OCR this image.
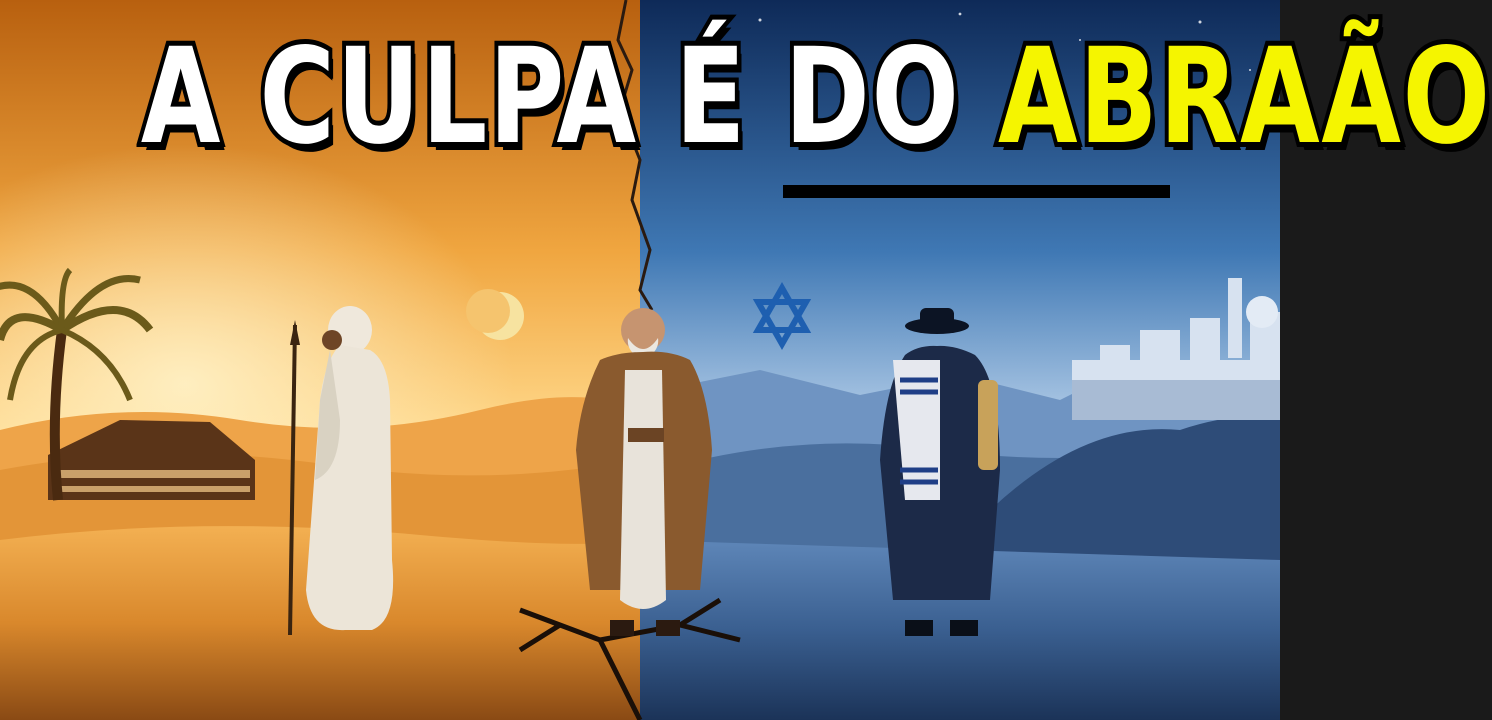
A CULPA É DO ABRAÃO
